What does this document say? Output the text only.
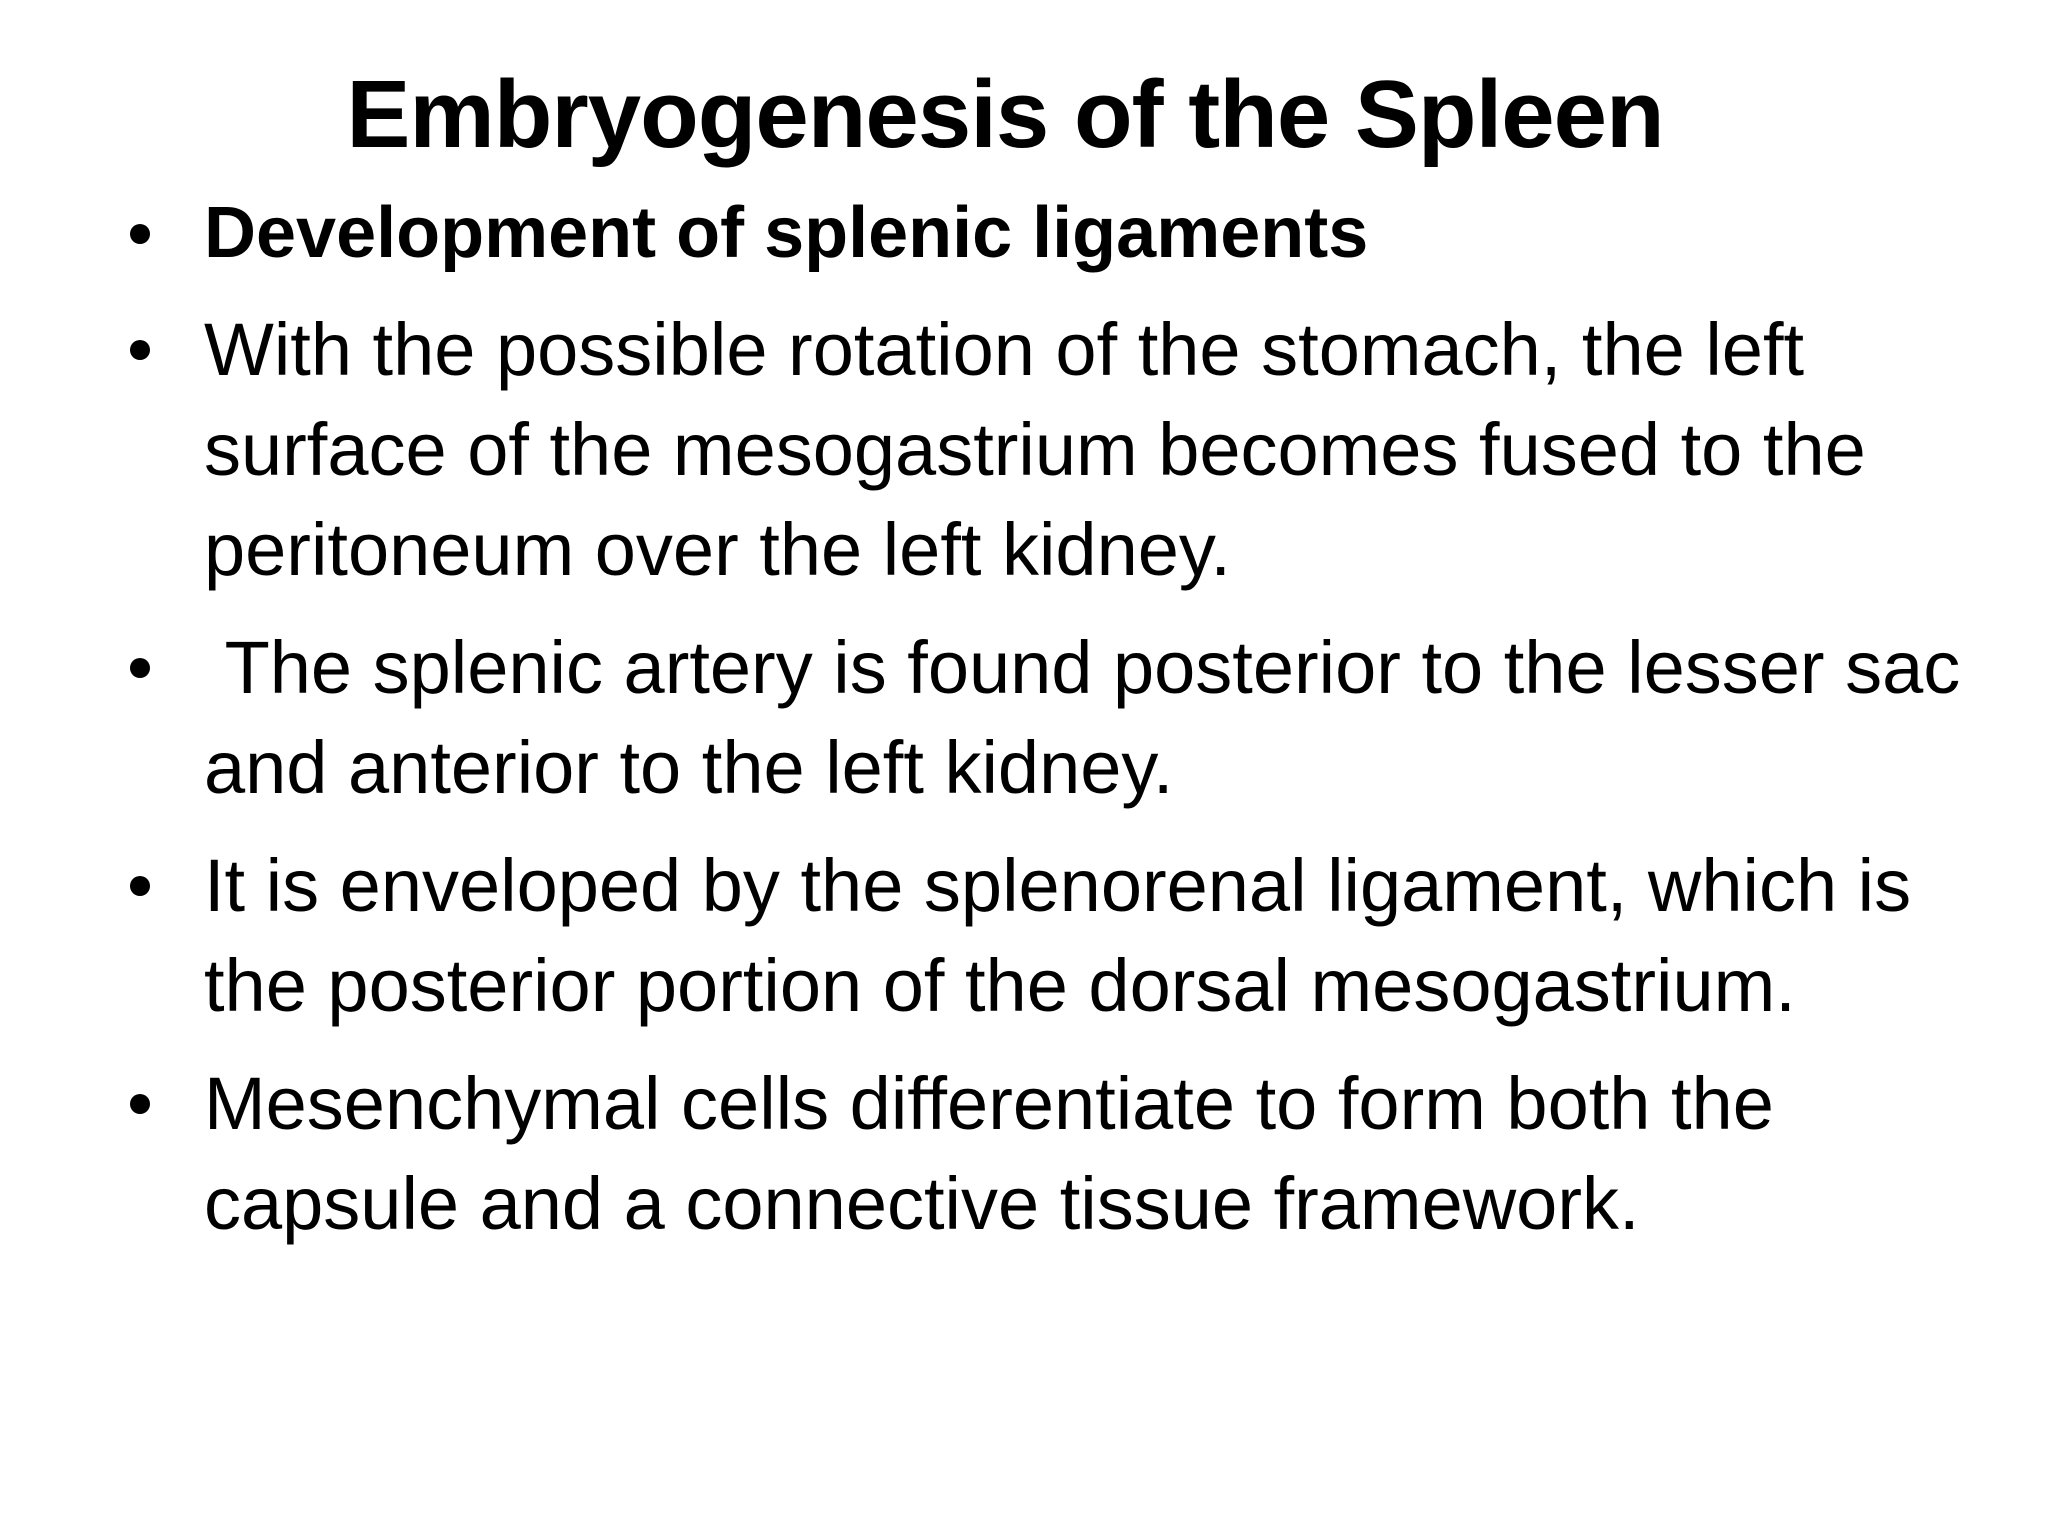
Embryogenesis of the Spleen
Development of splenic ligaments
With the possible rotation of the stomach, the left surface of the mesogastrium becomes fused to the peritoneum over the left kidney.
The splenic artery is found posterior to the lesser sac and anterior to the left kidney.
It is enveloped by the splenorenal ligament, which is the posterior portion of the dorsal mesogastrium.
Mesenchymal cells differentiate to form both the capsule and a connective tissue framework.
